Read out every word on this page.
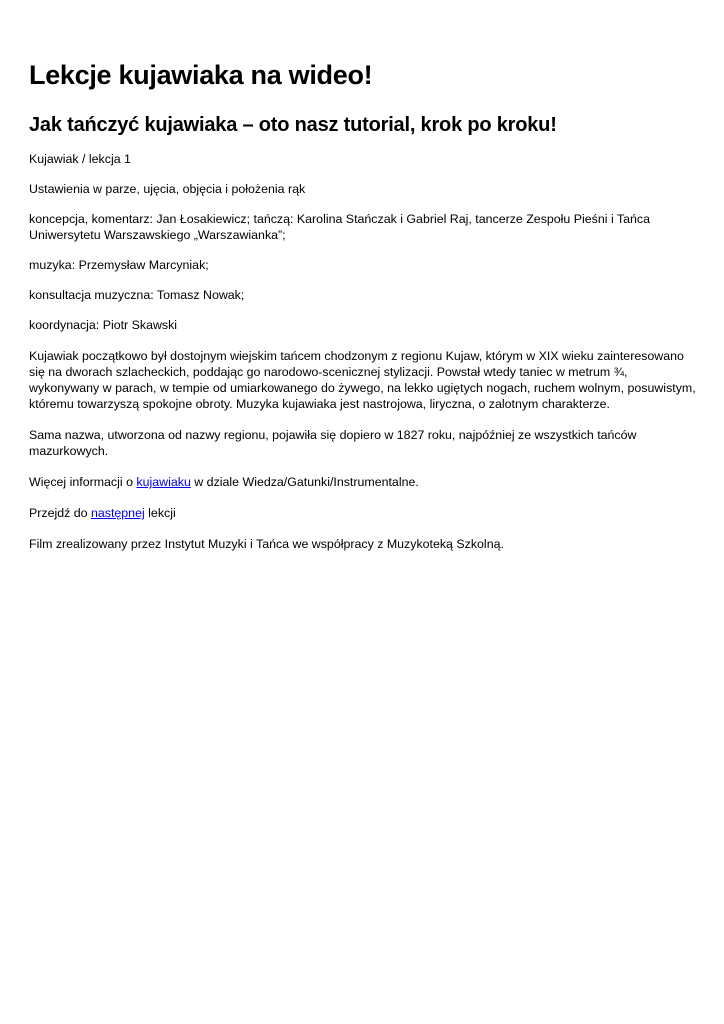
Lekcje kujawiaka na wideo!
Jak tańczyć kujawiaka – oto nasz tutorial, krok po kroku!

Kujawiak / lekcja 1

Ustawienia w parze, ujęcia, objęcia i położenia rąk

koncepcja, komentarz: Jan Łosakiewicz; tańczą: Karolina Stańczak i Gabriel Raj, tancerze Zespołu Pieśni i Tańca Uniwersytetu Warszawskiego „Warszawianka”;

muzyka: Przemysław Marcyniak;

konsultacja muzyczna: Tomasz Nowak;

koordynacja: Piotr Skawski

Kujawiak początkowo był dostojnym wiejskim tańcem chodzonym z regionu Kujaw, którym w XIX wieku zainteresowano się na dworach szlacheckich, poddając go narodowo-scenicznej stylizacji. Powstał wtedy taniec w metrum ¾, wykonywany w parach, w tempie od umiarkowanego do żywego, na lekko ugiętych nogach, ruchem wolnym, posuwistym, któremu towarzyszą spokojne obroty. Muzyka kujawiaka jest nastrojowa, liryczna, o zalotnym charakterze.

Sama nazwa, utworzona od nazwy regionu, pojawiła się dopiero w 1827 roku, najpóźniej ze wszystkich tańców mazurkowych.

Więcej informacji o kujawiaku w dziale Wiedza/Gatunki/Instrumentalne.

Przejdź do następnej lekcji

Film zrealizowany przez Instytut Muzyki i Tańca we współpracy z Muzykoteką Szkolną.
